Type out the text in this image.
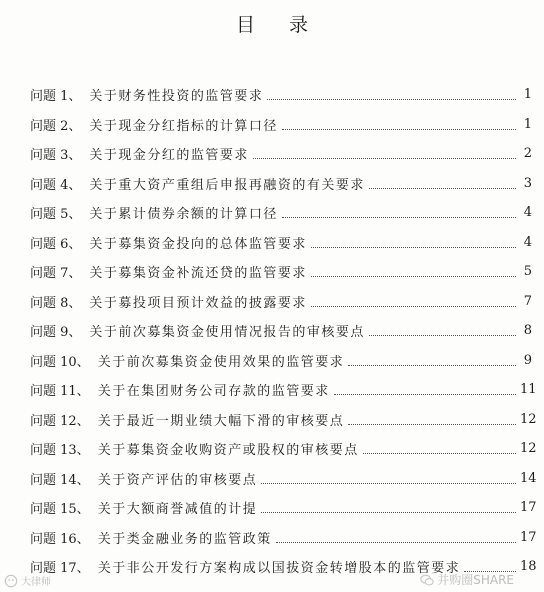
目 录
问题 1、 关于财务性投资的监管要求	1
问题 2、 关于现金分红指标的计算口径	1
问题 3、 关于现金分红的监管要求	2
问题 4、 关于重大资产重组后申报再融资的有关要求	3
问题 5、 关于累计债券余额的计算口径	4
问题 6、 关于募集资金投向的总体监管要求	4
问题 7、 关于募集资金补流还贷的监管要求	5
问题 8、 关于募投项目预计效益的披露要求	7
问题 9、 关于前次募集资金使用情况报告的审核要点	8
问题 10、 关于前次募集资金使用效果的监管要求	9
问题 11、 关于在集团财务公司存款的监管要求	11
问题 12、 关于最近一期业绩大幅下滑的审核要点	12
问题 13、 关于募集资金收购资产或股权的审核要点	12
问题 14、 关于资产评估的审核要点	14
问题 15、 关于大额商誉减值的计提	17
问题 16、 关于类金融业务的监管政策	17
问题 17、 关于非公开发行方案构成以国拔资金转增股本的监管要求	18
大律师	并购圈SHARE
